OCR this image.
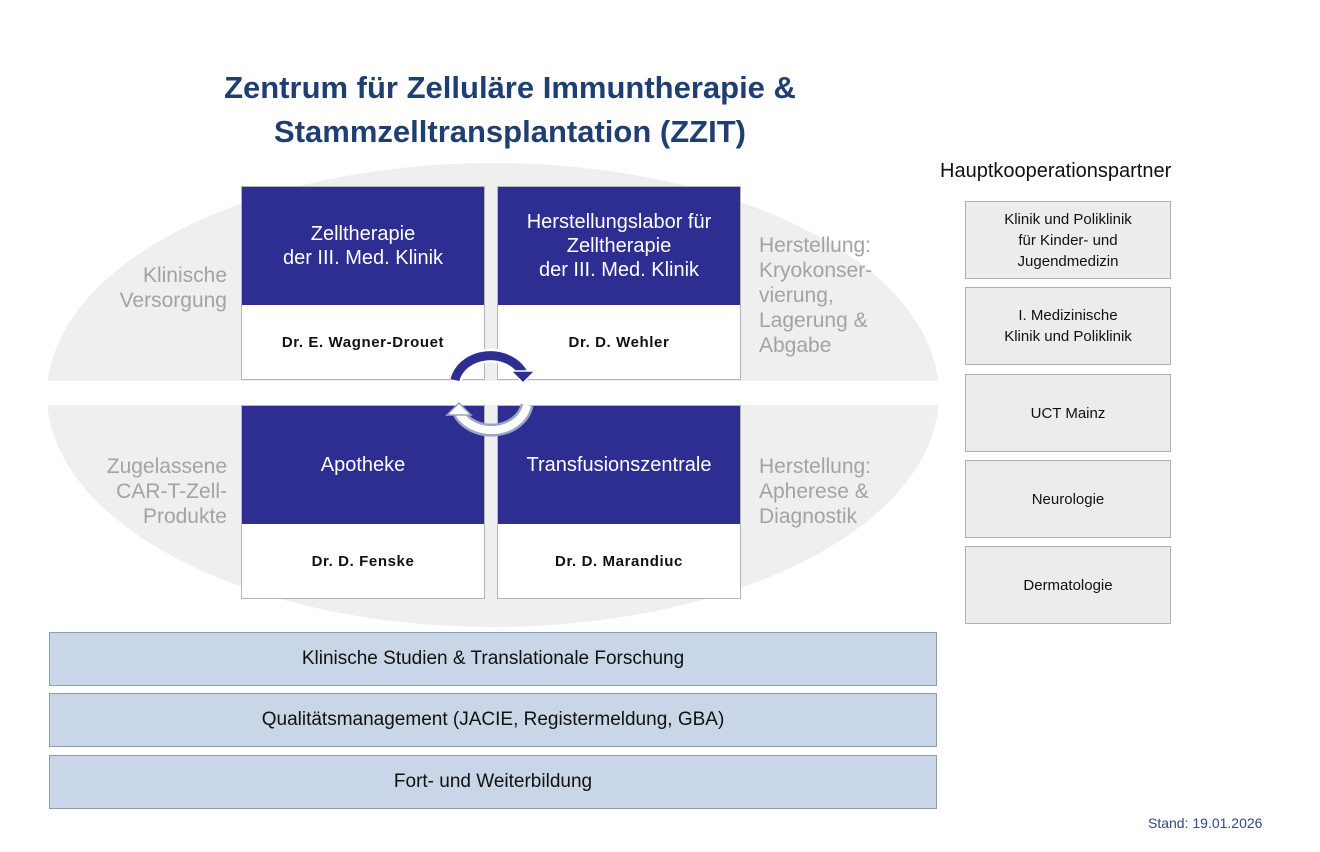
Zentrum für Zelluläre Immuntherapie &
Stammzelltransplantation (ZZIT)
Klinische
Versorgung
Herstellung:
Kryokonser-
vierung,
Lagerung &
Abgabe
Zugelassene
CAR-T-Zell-
Produkte
Herstellung:
Apherese &
Diagnostik
Zelltherapie
der III. Med. Klinik
Dr. E. Wagner-Drouet
Herstellungslabor für
Zelltherapie
der III. Med. Klinik
Dr. D. Wehler
Apotheke
Dr. D. Fenske
Transfusionszentrale
Dr. D. Marandiuc
Klinische Studien & Translationale Forschung
Qualitätsmanagement (JACIE, Registermeldung, GBA)
Fort- und Weiterbildung
Hauptkooperationspartner
Klinik und Poliklinik
für Kinder- und
Jugendmedizin
I. Medizinische
Klinik und Poliklinik
UCT Mainz
Neurologie
Dermatologie
Stand: 19.01.2026
